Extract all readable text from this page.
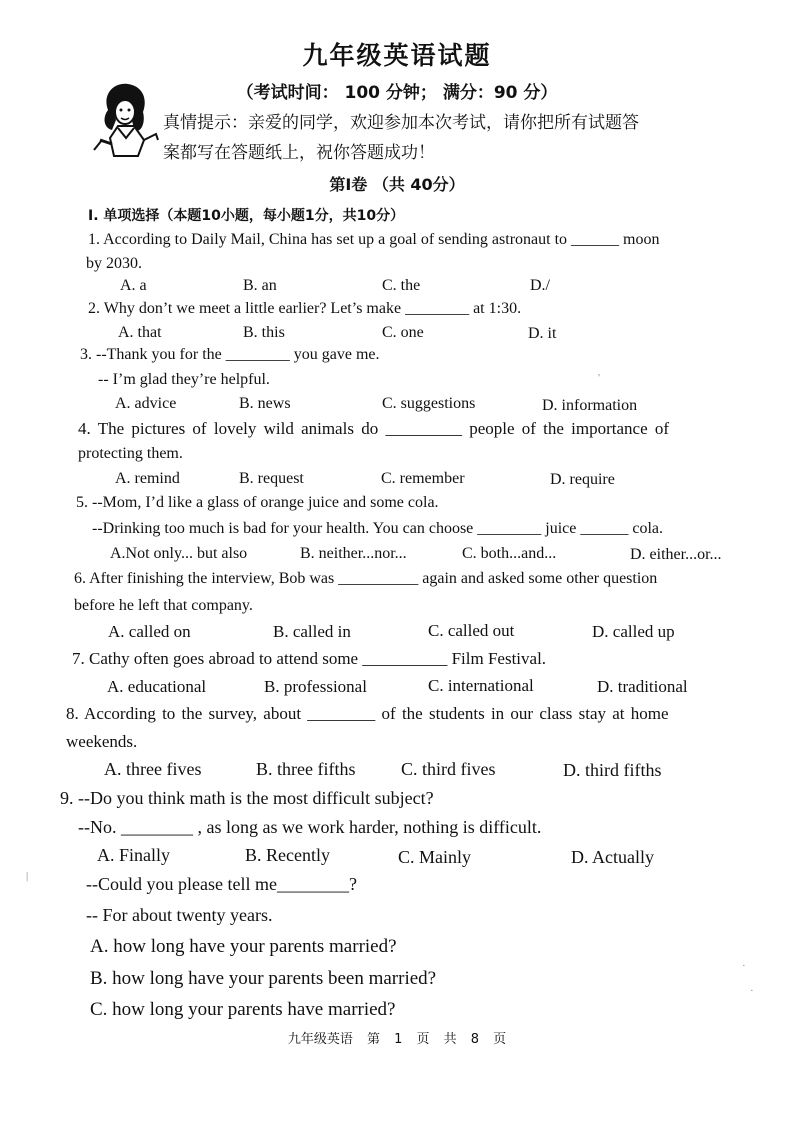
九年级英语试题
（考试时间： 100 分钟； 满分：90 分）
真情提示：亲爱的同学，欢迎参加本次考试，请你把所有试题答
案都写在答题纸上，祝你答题成功！
第Ⅰ卷 （共 40分）
Ⅰ. 单项选择（本题10小题，每小题1分，共10分）
1. According to Daily Mail, China has set up a goal of sending astronaut to ______ moon
by 2030.
A. a	B. an	C. the	D./
2. Why don’t we meet a little earlier? Let’s make ________ at 1:30.
A. that	B. this	C. one	D. it
3. --Thank you for the ________ you gave me.
-- I’m glad they’re helpful.
A. advice	B. news	C. suggestions	D. information
4. The pictures of lovely wild animals do _________ people of the importance of
protecting them.
A. remind	B. request	C. remember	D. require
5. --Mom, I’d like a glass of orange juice and some cola.
--Drinking too much is bad for your health. You can choose ________ juice ______ cola.
A.Not only... but also	B. neither...nor...	C. both...and...	D. either...or...
6. After finishing the interview, Bob was __________ again and asked some other question
before he left that company.
A. called on	B. called in	C. called out	D. called up
7. Cathy often goes abroad to attend some __________ Film Festival.
A. educational	B. professional	C. international	D. traditional
8. According to the survey, about ________ of the students in our class stay at home
weekends.
A. three fives	B. three fifths	C. third fives	D. third fifths
9. --Do you think math is the most difficult subject?
--No. ________ , as long as we work harder, nothing is difficult.
A. Finally	B. Recently	C. Mainly	D. Actually
--Could you please tell me________?
-- For about twenty years.
A. how long have your parents married?
B. how long have your parents been married?
C. how long your parents have married?
九年级英语 第 1 页 共 8 页
'
·
·
|
